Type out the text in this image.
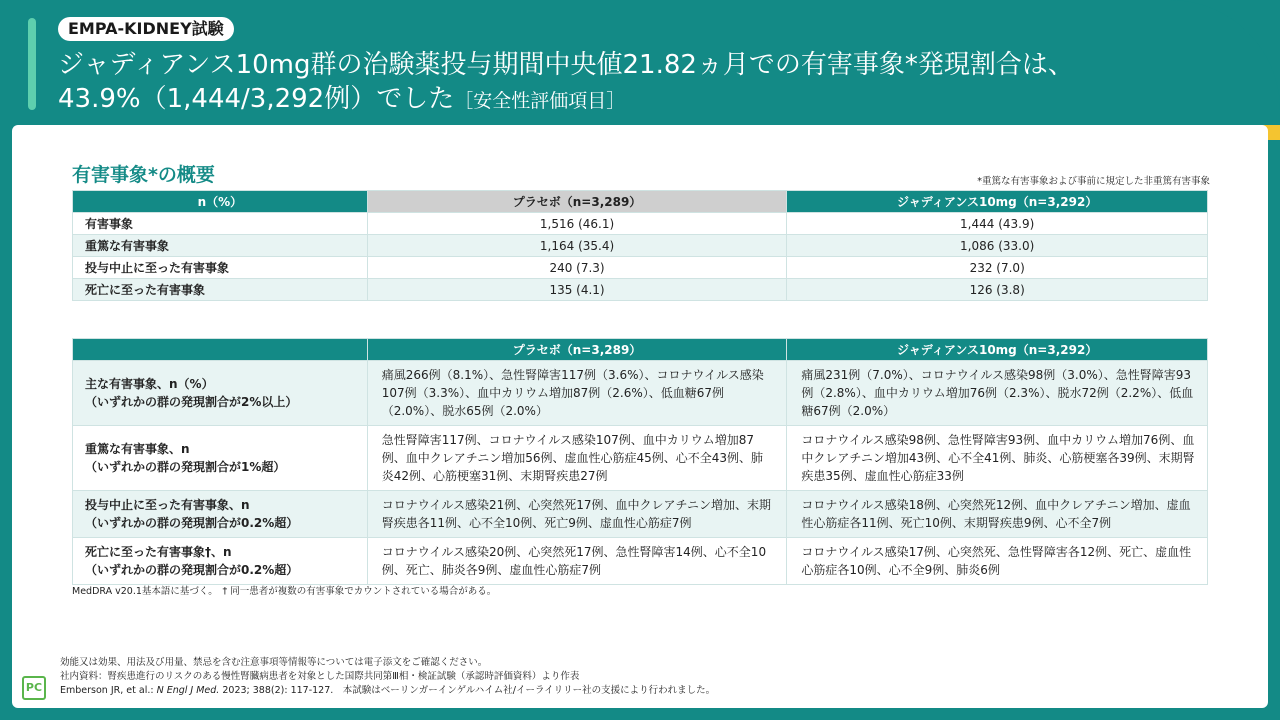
EMPA-KIDNEY試験
ジャディアンス10mg群の治験薬投与期間中央値21.82ヵ月での有害事象*発現割合は、
43.9%（1,444/3,292例）でした［安全性評価項目］
有害事象*の概要	*重篤な有害事象および事前に規定した非重篤有害事象
n（%）	プラセボ（n=3,289）	ジャディアンス10mg（n=3,292）
有害事象	1,516 (46.1)	1,444 (43.9)
重篤な有害事象	1,164 (35.4)	1,086 (33.0)
投与中止に至った有害事象	240 (7.3)	232 (7.0)
死亡に至った有害事象	135 (4.1)	126 (3.8)
	プラセボ（n=3,289）	ジャディアンス10mg（n=3,292）

主な有害事象、n（%）
（いずれかの群の発現割合が2%以上）	痛風266例（8.1%）、急性腎障害117例（3.6%）、コロナウイルス感染107例（3.3%）、血中カリウム増加87例（2.6%）、低血糖67例（2.0%）、脱水65例（2.0%）	痛風231例（7.0%）、コロナウイルス感染98例（3.0%）、急性腎障害93例（2.8%）、血中カリウム増加76例（2.3%）、脱水72例（2.2%）、低血糖67例（2.0%）

重篤な有害事象、n
（いずれかの群の発現割合が1%超）	急性腎障害117例、コロナウイルス感染107例、血中カリウム増加87例、血中クレアチニン増加56例、虚血性心筋症45例、心不全43例、肺炎42例、心筋梗塞31例、末期腎疾患27例	コロナウイルス感染98例、急性腎障害93例、血中カリウム増加76例、血中クレアチニン増加43例、心不全41例、肺炎、心筋梗塞各39例、末期腎疾患35例、虚血性心筋症33例

投与中止に至った有害事象、n
（いずれかの群の発現割合が0.2%超）	コロナウイルス感染21例、心突然死17例、血中クレアチニン増加、末期腎疾患各11例、心不全10例、死亡9例、虚血性心筋症7例	コロナウイルス感染18例、心突然死12例、血中クレアチニン増加、虚血性心筋症各11例、死亡10例、末期腎疾患9例、心不全7例

死亡に至った有害事象†、n
（いずれかの群の発現割合が0.2%超）	コロナウイルス感染20例、心突然死17例、急性腎障害14例、心不全10例、死亡、肺炎各9例、虚血性心筋症7例	コロナウイルス感染17例、心突然死、急性腎障害各12例、死亡、虚血性心筋症各10例、心不全9例、肺炎6例
MedDRA v20.1基本語に基づく。　† 同一患者が複数の有害事象でカウントされている場合がある。
PC
効能又は効果、用法及び用量、禁忌を含む注意事項等情報等については電子添文をご確認ください。
社内資料：腎疾患進行のリスクのある慢性腎臓病患者を対象とした国際共同第Ⅲ相・検証試験（承認時評価資料）より作表
Emberson JR, et al.: N Engl J Med. 2023; 388(2): 117-127.　本試験はベーリンガーインゲルハイム社/イーライリリー社の支援により行われました。
